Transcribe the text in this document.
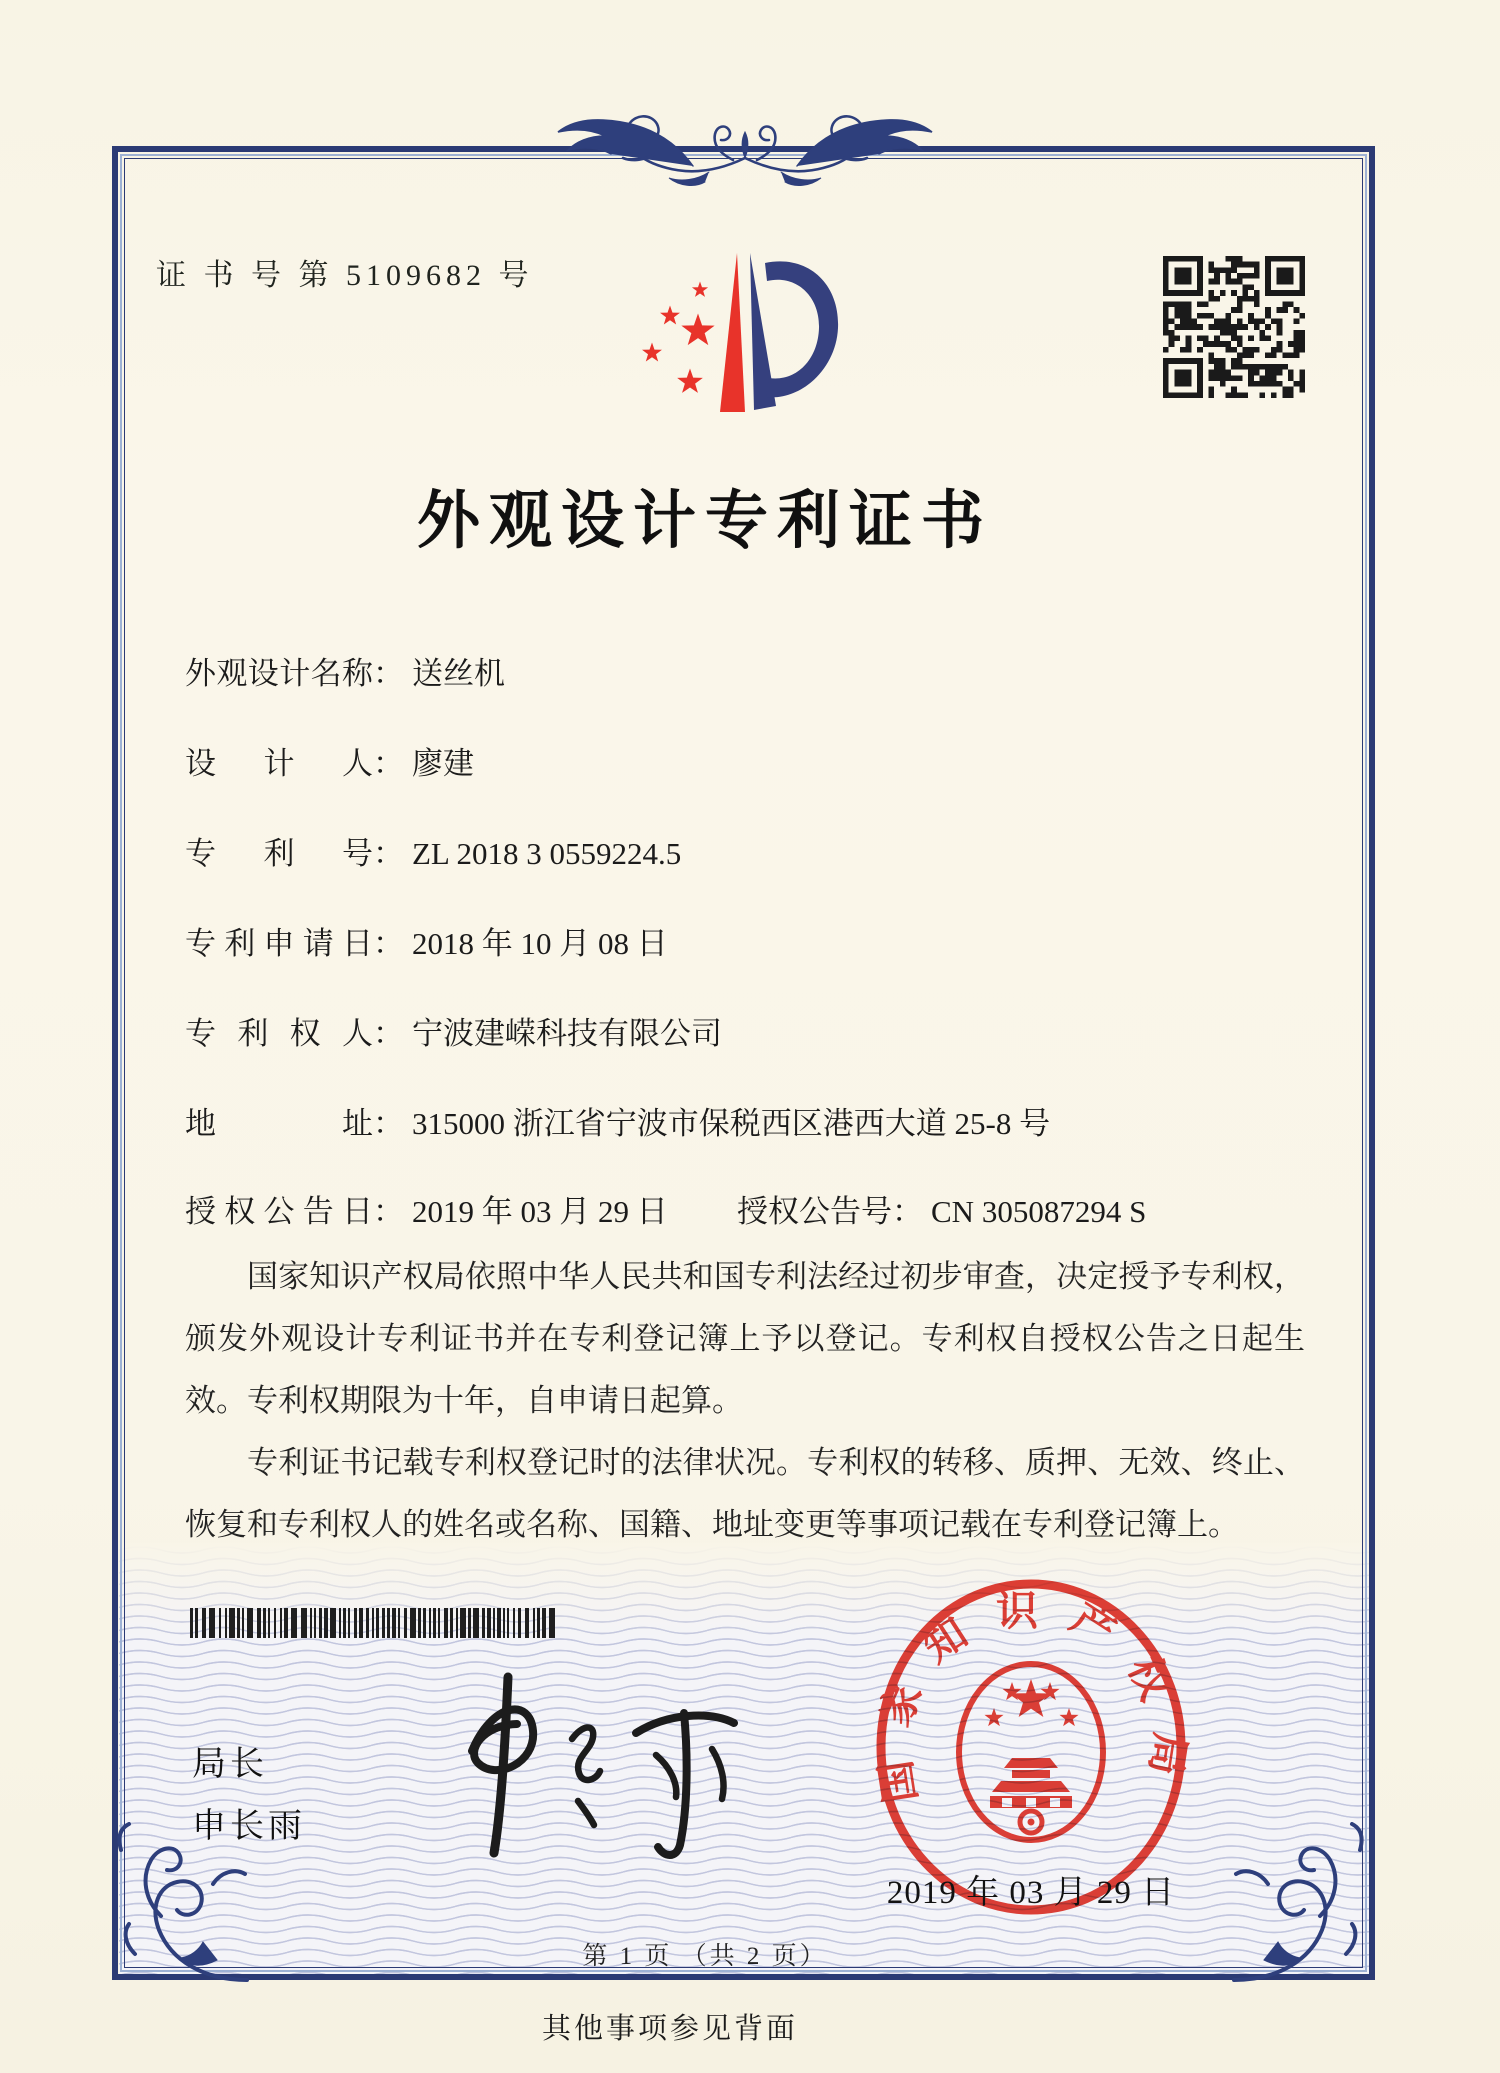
证 书 号 第 5109682 号
外观设计专利证书
外观设计名称： 送丝机
设计人： 廖建
专利号： ZL 2018 3 0559224.5
专利申请日： 2018 年 10 月 08 日
专利权人： 宁波建嵘科技有限公司
地址： 315000 浙江省宁波市保税西区港西大道 25-8 号
授权公告日： 2019 年 03 月 29 日 授权公告号： CN 305087294 S

国家知识产权局依照中华人民共和国专利法经过初步审查，决定授予专利权，颁发外观设计专利证书并在专利登记簿上予以登记。专利权自授权公告之日起生效。专利权期限为十年，自申请日起算。

专利证书记载专利权登记时的法律状况。专利权的转移、质押、无效、终止、恢复和专利权人的姓名或名称、国籍、地址变更等事项记载在专利登记簿上。

局长
申长雨
国家知识产权局
2019 年 03 月 29 日
第 1 页 （共 2 页）
其他事项参见背面
